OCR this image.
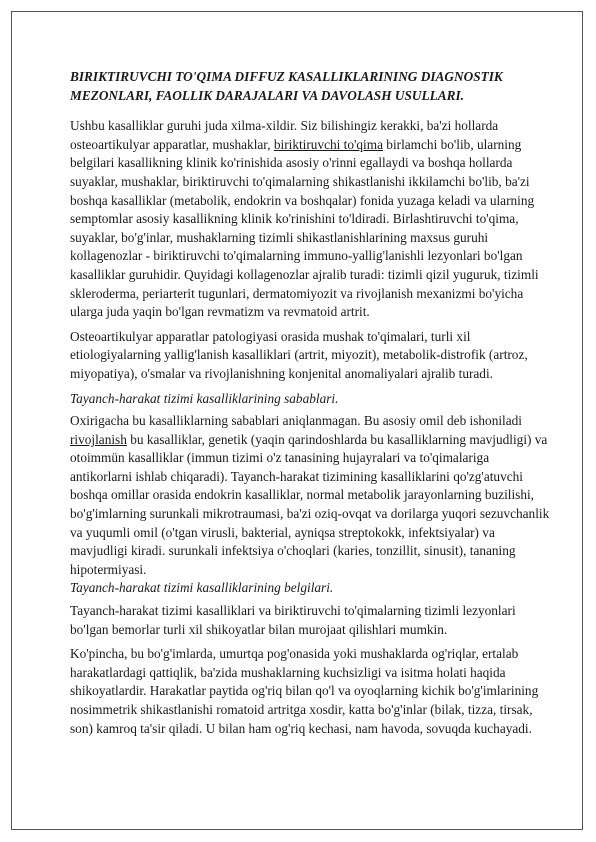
BIRIKTIRUVCHI TO'QIMA DIFFUZ KASALLIKLARINING DIAGNOSTIK MEZONLARI, FAOLLIK DARAJALARI VA DAVOLASH USULLARI.

Ushbu kasalliklar guruhi juda xilma-xildir. Siz bilishingiz kerakki, ba'zi hollarda osteoartikulyar apparatlar, mushaklar, biriktiruvchi to'qima birlamchi bo'lib, ularning belgilari kasallikning klinik ko'rinishida asosiy o'rinni egallaydi va boshqa hollarda suyaklar, mushaklar, biriktiruvchi to'qimalarning shikastlanishi ikkilamchi bo'lib, ba'zi boshqa kasalliklar (metabolik, endokrin va boshqalar) fonida yuzaga keladi va ularning semptomlar asosiy kasallikning klinik ko'rinishini to'ldiradi. Birlashtiruvchi to'qima, suyaklar, bo'g'inlar, mushaklarning tizimli shikastlanishlarining maxsus guruhi kollagenozlar - biriktiruvchi to'qimalarning immuno-yallig'lanishli lezyonlari bo'lgan kasalliklar guruhidir. Quyidagi kollagenozlar ajralib turadi: tizimli qizil yuguruk, tizimli skleroderma, periarterit tugunlari, dermatomiyozit va rivojlanish mexanizmi bo'yicha ularga juda yaqin bo'lgan revmatizm va revmatoid artrit.

Osteoartikulyar apparatlar patologiyasi orasida mushak to'qimalari, turli xil etiologiyalarning yallig'lanish kasalliklari (artrit, miyozit), metabolik-distrofik (artroz, miyopatiya), o'smalar va rivojlanishning konjenital anomaliyalari ajralib turadi.

Tayanch-harakat tizimi kasalliklarining sabablari.

Oxirigacha bu kasalliklarning sabablari aniqlanmagan. Bu asosiy omil deb ishoniladi rivojlanish bu kasalliklar, genetik (yaqin qarindoshlarda bu kasalliklarning mavjudligi) va otoimmün kasalliklar (immun tizimi o'z tanasining hujayralari va to'qimalariga antikorlarni ishlab chiqaradi). Tayanch-harakat tizimining kasalliklarini qo'zg'atuvchi boshqa omillar orasida endokrin kasalliklar, normal metabolik jarayonlarning buzilishi, bo'g'imlarning surunkali mikrotraumasi, ba'zi oziq-ovqat va dorilarga yuqori sezuvchanlik va yuqumli omil (o'tgan virusli, bakterial, ayniqsa streptokokk, infektsiyalar) va mavjudligi kiradi. surunkali infektsiya o'choqlari (karies, tonzillit, sinusit), tananing hipotermiyasi.

Tayanch-harakat tizimi kasalliklarining belgilari.

Tayanch-harakat tizimi kasalliklari va biriktiruvchi to'qimalarning tizimli lezyonlari bo'lgan bemorlar turli xil shikoyatlar bilan murojaat qilishlari mumkin.

Ko'pincha, bu bo'g'imlarda, umurtqa pog'onasida yoki mushaklarda og'riqlar, ertalab harakatlardagi qattiqlik, ba'zida mushaklarning kuchsizligi va isitma holati haqida shikoyatlardir. Harakatlar paytida og'riq bilan qo'l va oyoqlarning kichik bo'g'imlarining nosimmetrik shikastlanishi romatoid artritga xosdir, katta bo'g'inlar (bilak, tizza, tirsak, son) kamroq ta'sir qiladi. U bilan ham og'riq kechasi, nam havoda, sovuqda kuchayadi.
